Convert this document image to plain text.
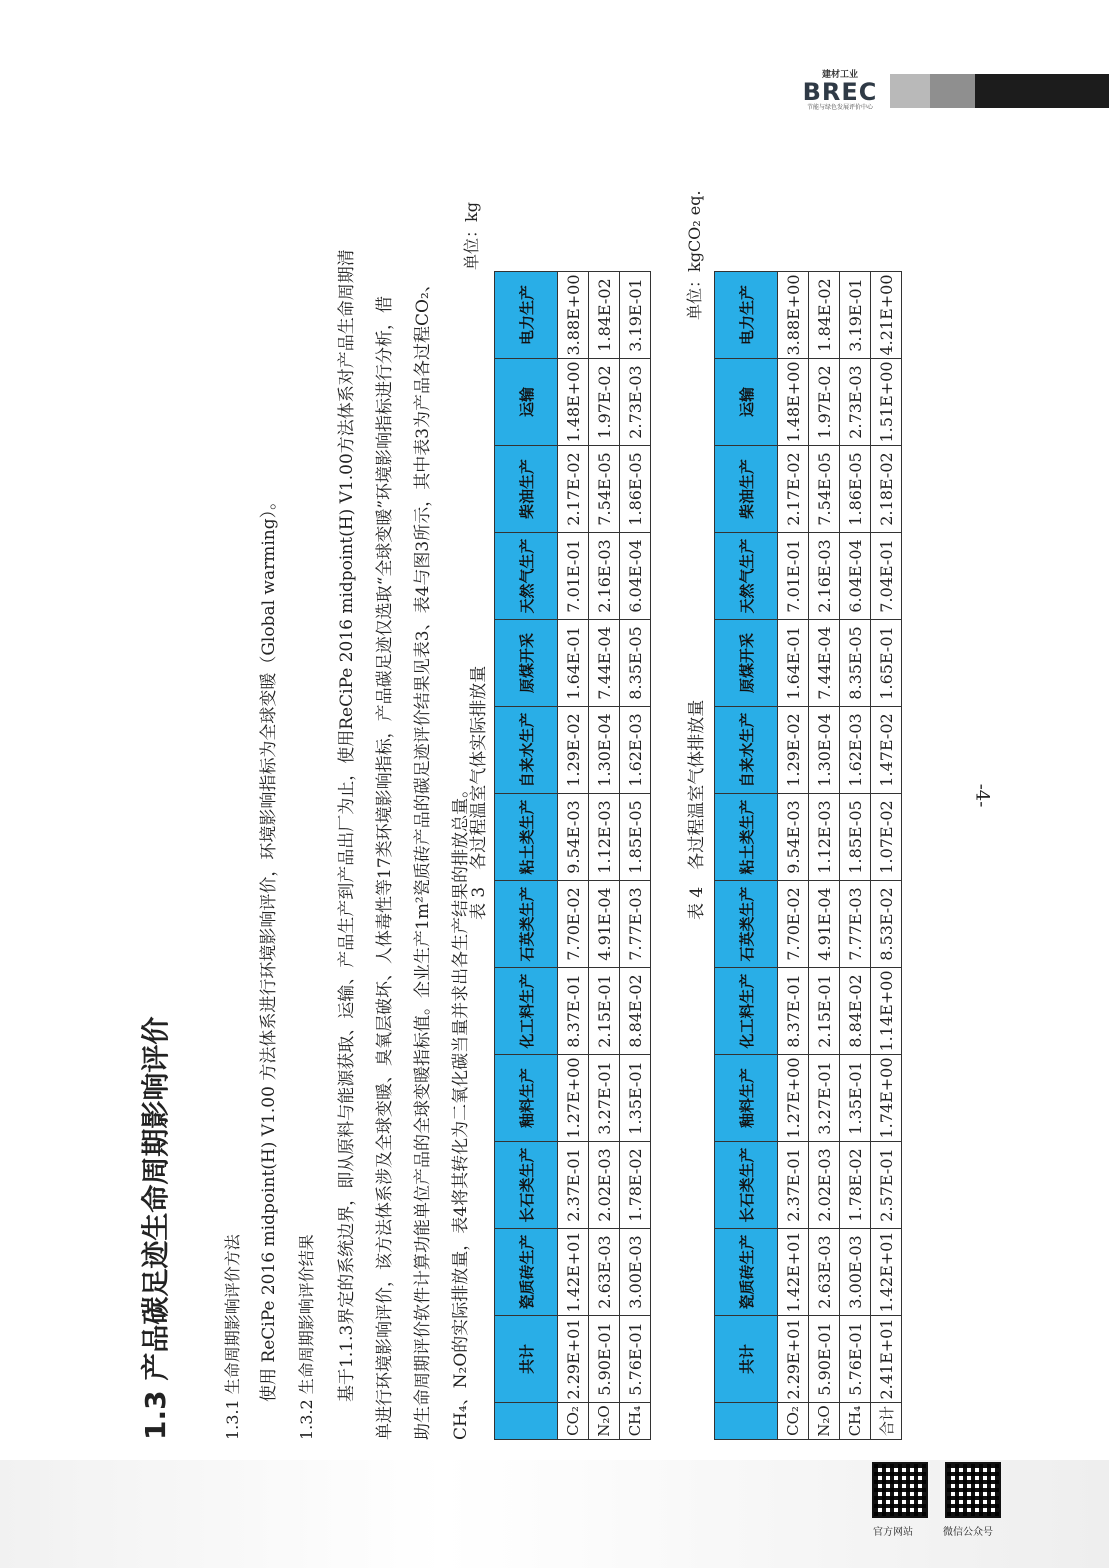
建材工业
BREC
节能与绿色发展评价中心
1.3 产品碳足迹生命周期影响评价	1.3.1 生命周期影响评价方法 使用 ReCiPe 2016 midpoint(H) V1.00 方法体系进行环境影响评价，环境影响指标为全球变暖（Global warming）。 1.3.2 生命周期影响评价结果 基于1.1.3界定的系统边界，即从原料与能源获取、运输、产品生产到产品出厂为止，使用ReCiPe 2016 midpoint(H) V1.00方法体系对产品生命周期清 单进行环境影响评价，该方法体系涉及全球变暖、臭氧层破坏、人体毒性等17类环境影响指标，产品碳足迹仅选取“全球变暖”环境影响指标进行分析，借 助生命周期评价软件计算功能单位产品的全球变暖指标值。企业生产1m²瓷质砖产品的碳足迹评价结果见表3、表4与图3所示，其中表3为产品各过程CO₂、 CH₄、N₂O的实际排放量，表4将其转化为二氧化碳当量并求出各生产结果的排放总量。
表 3　各过程温室气体实际排放量
单位：kg
	共计	瓷质砖生产	长石类生产	釉料生产	化工料生产	石英类生产	粘土类生产	自来水生产	原煤开采	天然气生产	柴油生产	运输	电力生产
CO₂	2.29E+01	1.42E+01	2.37E-01	1.27E+00	8.37E-01	7.70E-02	9.54E-03	1.29E-02	1.64E-01	7.01E-01	2.17E-02	1.48E+00	3.88E+00
N₂O	5.90E-01	2.63E-03	2.02E-03	3.27E-01	2.15E-01	4.91E-04	1.12E-03	1.30E-04	7.44E-04	2.16E-03	7.54E-05	1.97E-02	1.84E-02
CH₄	5.76E-01	3.00E-03	1.78E-02	1.35E-01	8.84E-02	7.77E-03	1.85E-05	1.62E-03	8.35E-05	6.04E-04	1.86E-05	2.73E-03	3.19E-01
表 4　各过程温室气体排放量
单位：kgCO₂ eq.
	共计	瓷质砖生产	长石类生产	釉料生产	化工料生产	石英类生产	粘土类生产	自来水生产	原煤开采	天然气生产	柴油生产	运输	电力生产
CO₂	2.29E+01	1.42E+01	2.37E-01	1.27E+00	8.37E-01	7.70E-02	9.54E-03	1.29E-02	1.64E-01	7.01E-01	2.17E-02	1.48E+00	3.88E+00
N₂O	5.90E-01	2.63E-03	2.02E-03	3.27E-01	2.15E-01	4.91E-04	1.12E-03	1.30E-04	7.44E-04	2.16E-03	7.54E-05	1.97E-02	1.84E-02
CH₄	5.76E-01	3.00E-03	1.78E-02	1.35E-01	8.84E-02	7.77E-03	1.85E-05	1.62E-03	8.35E-05	6.04E-04	1.86E-05	2.73E-03	3.19E-01
合计	2.41E+01	1.42E+01	2.57E-01	1.74E+00	1.14E+00	8.53E-02	1.07E-02	1.47E-02	1.65E-01	7.04E-01	2.18E-02	1.51E+00	4.21E+00
-4-
官方网站	微信公众号
